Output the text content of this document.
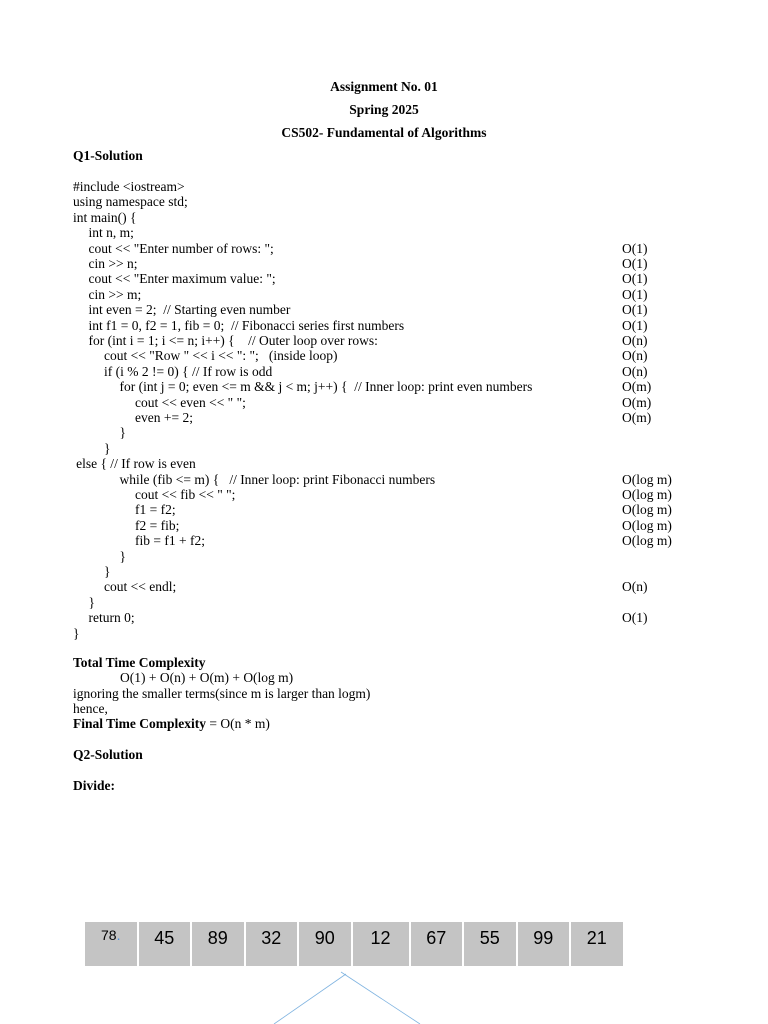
Assignment No. 01
Spring 2025
CS502- Fundamental of Algorithms
Q1-Solution
#include <iostream>
using namespace std;
int main() {
int n, m;
cout << "Enter number of rows: ";	O(1)
cin >> n;	O(1)
cout << "Enter maximum value: ";	O(1)
cin >> m;	O(1)
int even = 2;  // Starting even number	O(1)
int f1 = 0, f2 = 1, fib = 0;  // Fibonacci series first numbers	O(1)
for (int i = 1; i <= n; i++) {    // Outer loop over rows:	O(n)
cout << "Row " << i << ": ";   (inside loop)	O(n)
if (i % 2 != 0) { // If row is odd	O(n)
for (int j = 0; even <= m && j < m; j++) {  // Inner loop: print even numbers	O(m)
cout << even << " ";	O(m)
even += 2;	O(m)
}
}
else { // If row is even
while (fib <= m) {   // Inner loop: print Fibonacci numbers	O(log m)
cout << fib << " ";	O(log m)
f1 = f2;	O(log m)
f2 = fib;	O(log m)
fib = f1 + f2;	O(log m)
}
}
cout << endl;	O(n)
}
return 0;	O(1)
}
Total Time Complexity
O(1) + O(n) + O(m) + O(log m)
ignoring the smaller terms(since m is larger than logm)
hence,
Final Time Complexity = O(n * m)
Q2-Solution
Divide:
78 .	45	89	32	90	12	67	55	99	21
